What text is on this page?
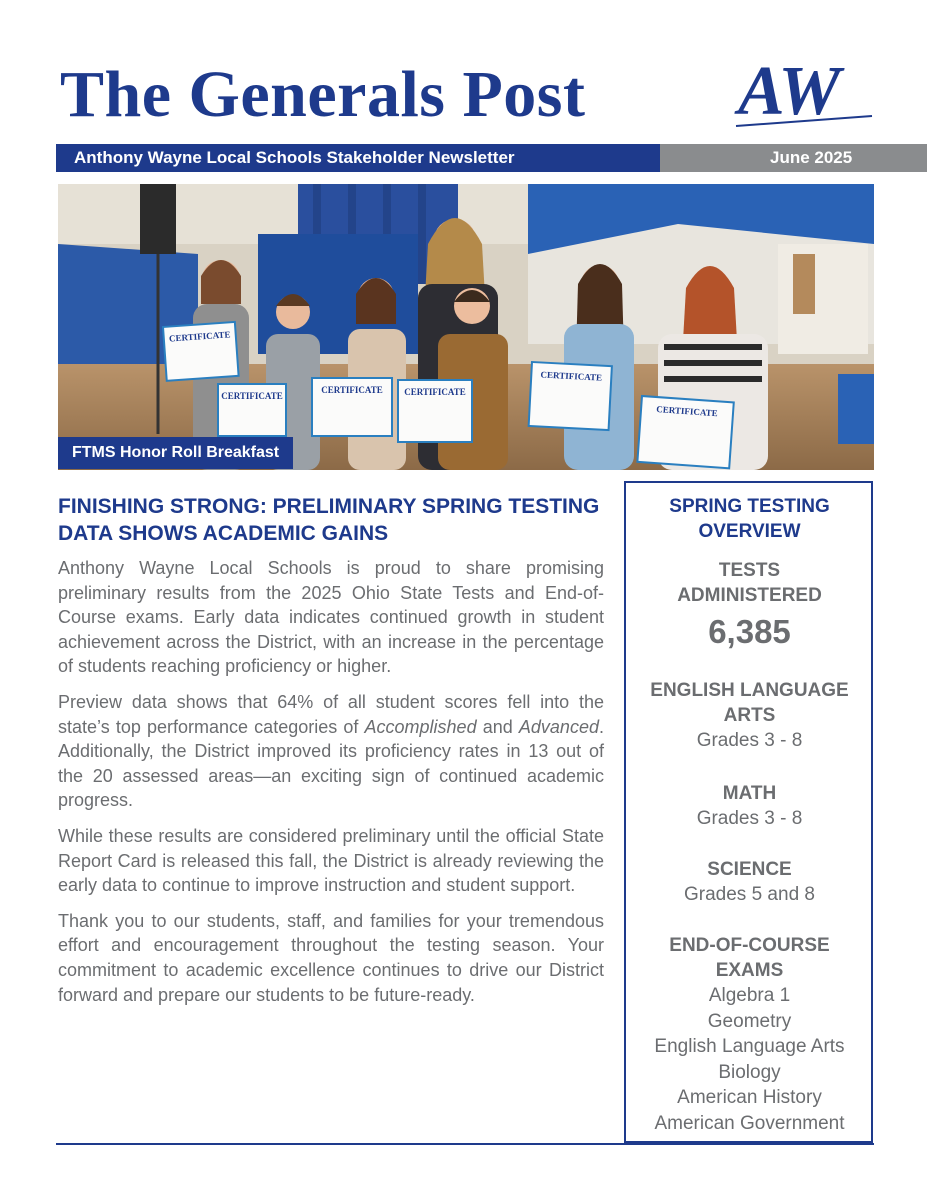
The Generals Post AW
Anthony Wayne Local Schools Stakeholder Newsletter	June 2025
CERTIFICATE
CERTIFICATE
CERTIFICATE CERTIFICATE
CERTIFICATE
CERTIFICATE
FTMS Honor Roll Breakfast
FINISHING STRONG: PRELIMINARY SPRING TESTING DATA SHOWS ACADEMIC GAINS

Anthony Wayne Local Schools is proud to share promising preliminary results from the 2025 Ohio State Tests and End-of-Course exams. Early data indicates continued growth in student achievement across the District, with an increase in the percentage of students reaching proficiency or higher.

Preview data shows that 64% of all student scores fell into the state’s top performance categories of Accomplished and Advanced. Additionally, the District improved its proficiency rates in 13 out of the 20 assessed areas—an exciting sign of continued academic progress.

While these results are considered preliminary until the official State Report Card is released this fall, the District is already reviewing the early data to continue to improve instruction and student support.

Thank you to our students, staff, and families for your tremendous effort and encouragement throughout the testing season. Your commitment to academic excellence continues to drive our District forward and prepare our students to be future-ready.

SPRING TESTING OVERVIEW
TESTS ADMINISTERED
6,385
ENGLISH LANGUAGE ARTS
Grades 3 - 8
MATH
Grades 3 - 8
SCIENCE
Grades 5 and 8
END-OF-COURSE EXAMS
Algebra 1
Geometry
English Language Arts
Biology
American History
American Government
